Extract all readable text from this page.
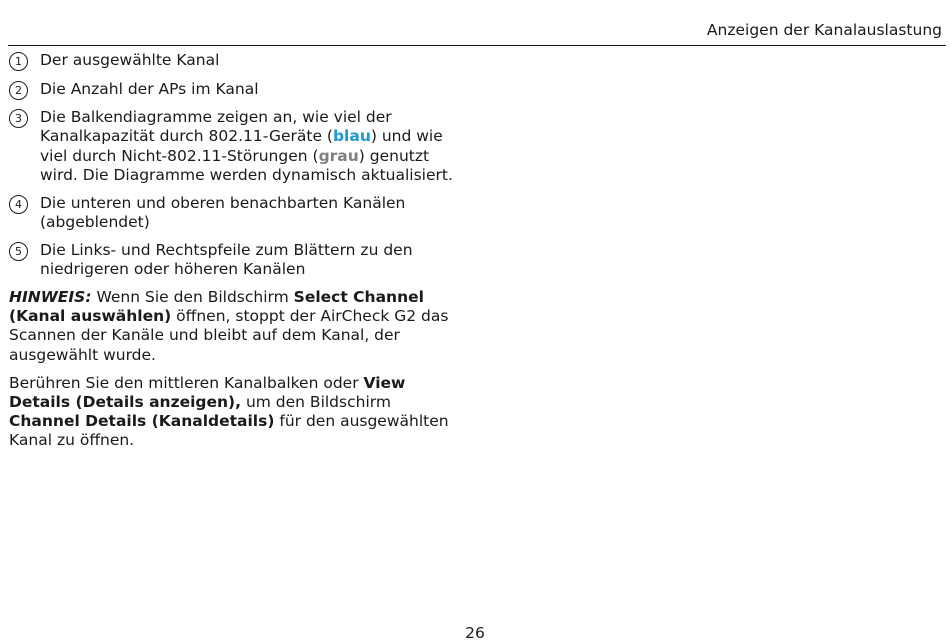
Anzeigen der Kanalauslastung
1	Der ausgewählte Kanal
2	Die Anzahl der APs im Kanal
3	Die Balkendiagramme zeigen an, wie viel der Kanalkapazität durch 802.11-Geräte (blau) und wie viel durch Nicht-802.11-Störungen (grau) genutzt wird. Die Diagramme werden dynamisch aktualisiert.
4	Die unteren und oberen benachbarten Kanälen (abgeblendet)
5	Die Links- und Rechtspfeile zum Blättern zu den niedrigeren oder höheren Kanälen

HINWEIS: Wenn Sie den Bildschirm Select Channel (Kanal auswählen) öffnen, stoppt der AirCheck G2 das Scannen der Kanäle und bleibt auf dem Kanal, der ausgewählt wurde.

Berühren Sie den mittleren Kanalbalken oder View Details (Details anzeigen), um den Bildschirm Channel Details (Kanaldetails) für den ausgewählten Kanal zu öffnen.

26
